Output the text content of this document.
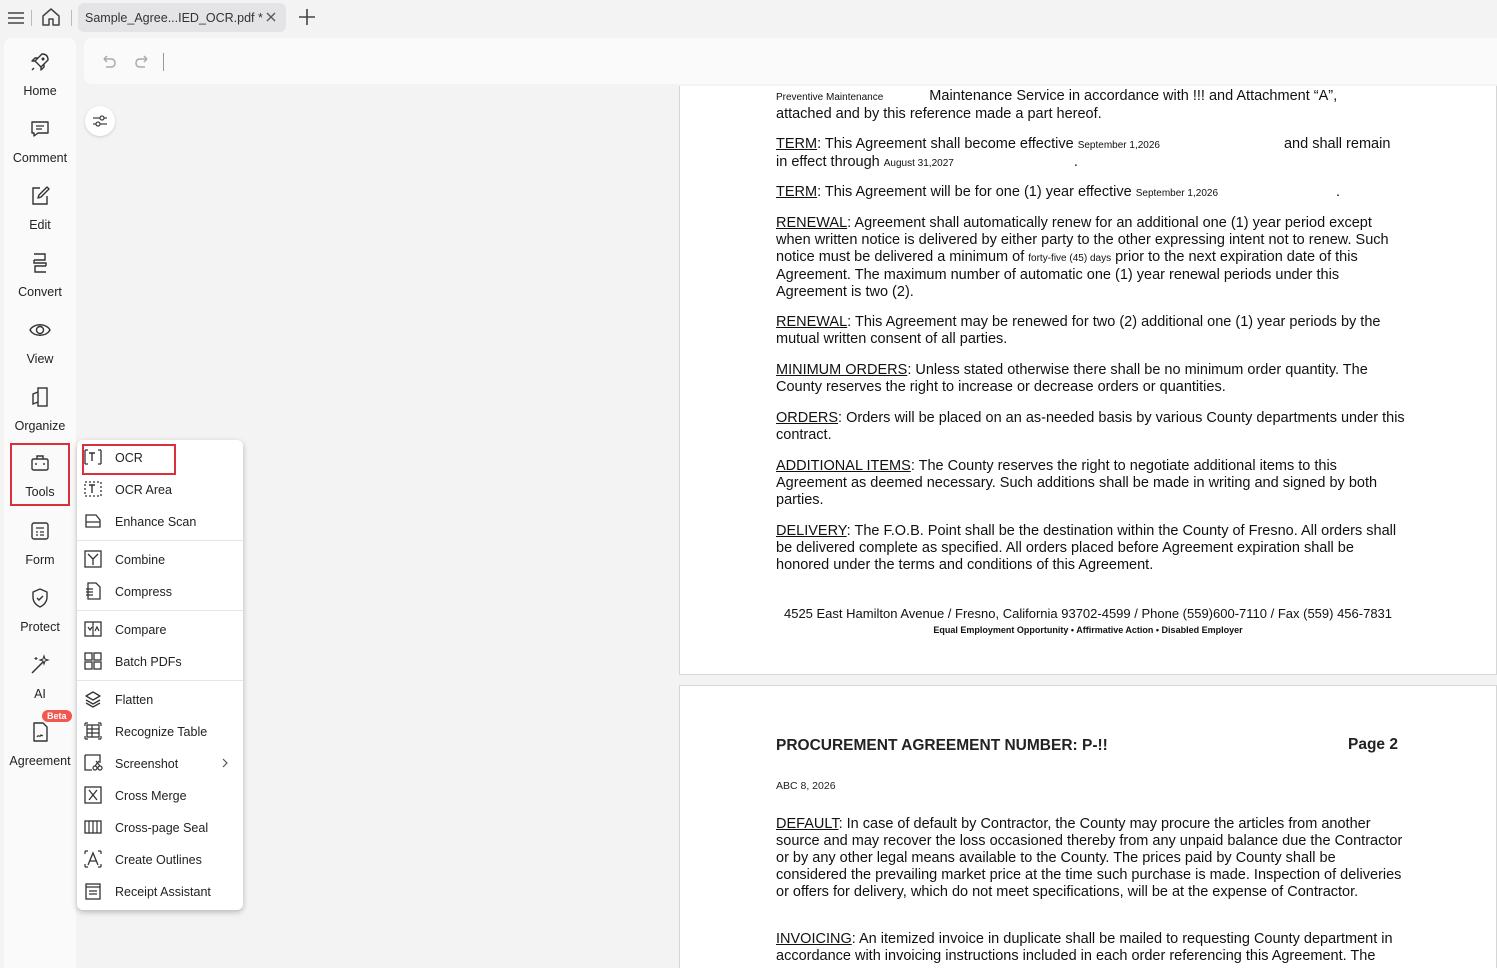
Sample_Agree...IED_OCR.pdf *
Home
Comment
Edit
Convert
View
Organize
Tools
Form
Protect
AI
Beta
Agreement

Preventive Maintenance	Maintenance Service in accordance with !!! and Attachment “A”,

attached and by this reference made a part hereof.

TERM: This Agreement shall become effective September 1,2026	and shall remain

in effect through August 31,2027	.

TERM: This Agreement will be for one (1) year effective September 1,2026	.

RENEWAL: Agreement shall automatically renew for an additional one (1) year period except when written notice is delivered by either party to the other expressing intent not to renew. Such notice must be delivered a minimum of forty-five (45) days prior to the next expiration date of this Agreement. The maximum number of automatic one (1) year renewal periods under this Agreement is two (2).

RENEWAL: This Agreement may be renewed for two (2) additional one (1) year periods by the mutual written consent of all parties.

MINIMUM ORDERS: Unless stated otherwise there shall be no minimum order quantity. The County reserves the right to increase or decrease orders or quantities.

ORDERS: Orders will be placed on an as-needed basis by various County departments under this contract.

ADDITIONAL ITEMS: The County reserves the right to negotiate additional items to this Agreement as deemed necessary. Such additions shall be made in writing and signed by both parties.

DELIVERY: The F.O.B. Point shall be the destination within the County of Fresno. All orders shall be delivered complete as specified. All orders placed before Agreement expiration shall be honored under the terms and conditions of this Agreement.

4525 East Hamilton Avenue / Fresno, California 93702-4599 / Phone (559)600-7110 / Fax (559) 456-7831
Equal Employment Opportunity • Affirmative Action • Disabled Employer
PROCUREMENT AGREEMENT NUMBER: P-!!	Page 2
ABC 8, 2026

DEFAULT: In case of default by Contractor, the County may procure the articles from another source and may recover the loss occasioned thereby from any unpaid balance due the Contractor or by any other legal means available to the County. The prices paid by County shall be considered the prevailing market price at the time such purchase is made. Inspection of deliveries or offers for delivery, which do not meet specifications, will be at the expense of Contractor.

INVOICING: An itemized invoice in duplicate shall be mailed to requesting County department in accordance with invoicing instructions included in each order referencing this Agreement. The

OCR
OCR Area
Enhance Scan
Combine
Compress
Compare
Batch PDFs
Flatten
Recognize Table
Screenshot
Cross Merge
Cross-page Seal
Create Outlines
Receipt Assistant
